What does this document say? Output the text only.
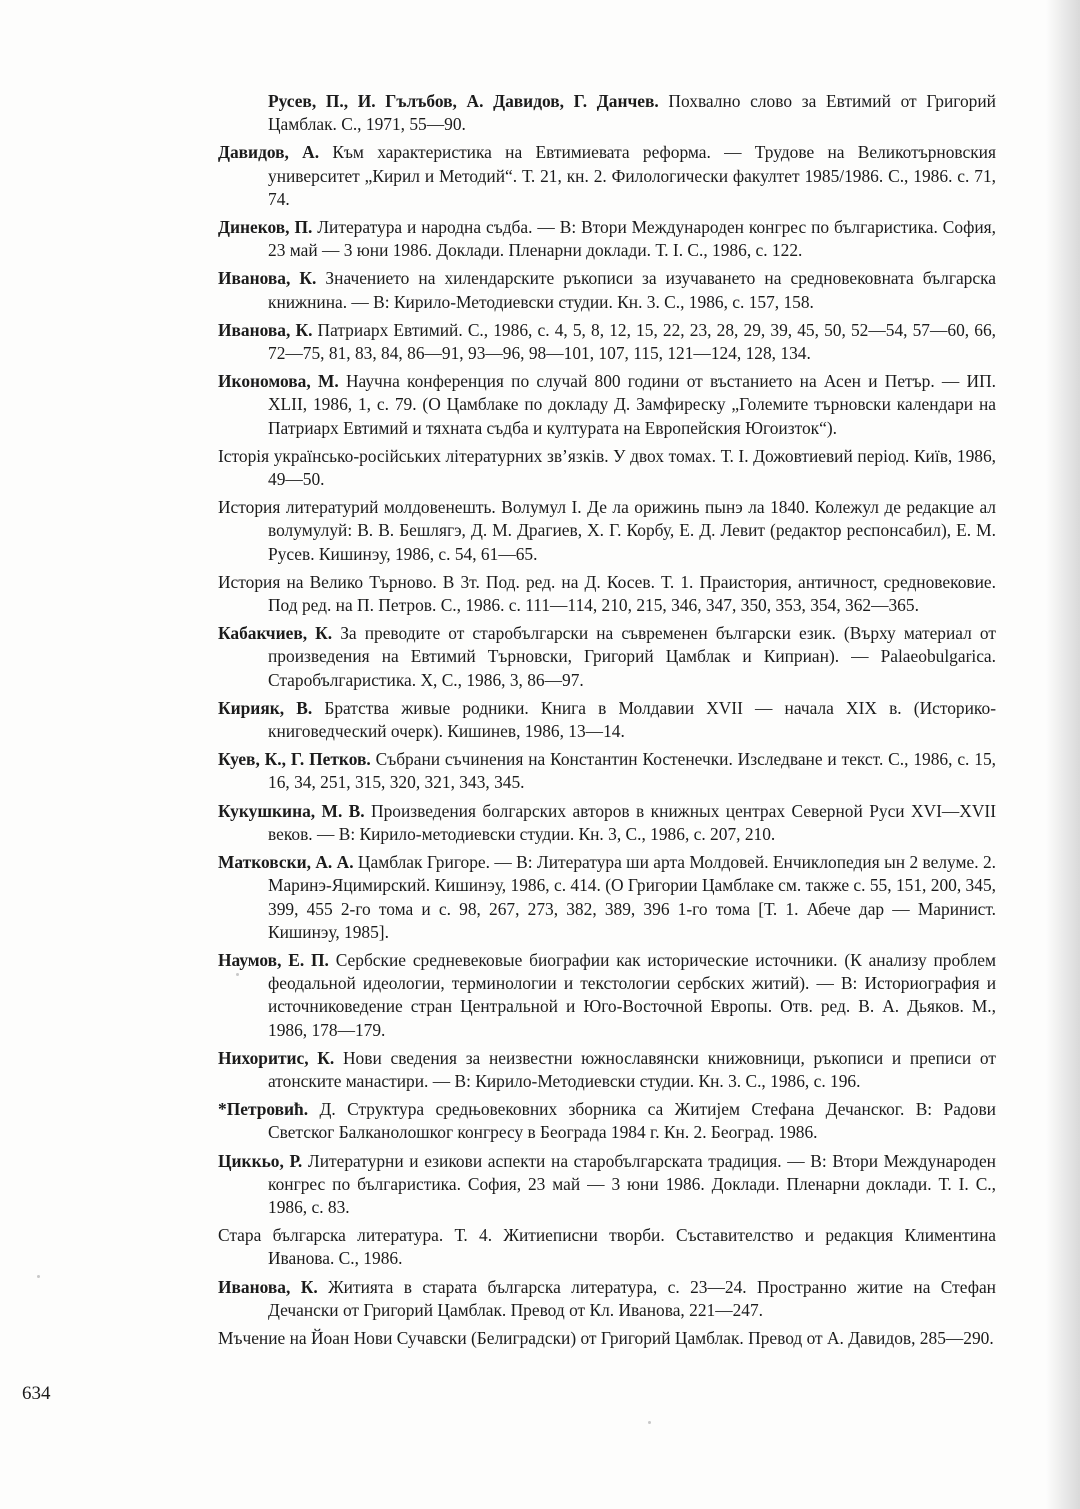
Русев, П., И. Гълъбов, А. Давидов, Г. Данчев. Похвално слово за Евтимий от Григорий Цамблак. С., 1971, 55—90.

Давидов, А. Към характеристика на Евтимиевата реформа. — Трудове на Великотърновския университет „Кирил и Методий“. Т. 21, кн. 2. Филологически факултет 1985/1986. С., 1986. с. 71, 74.

Динеков, П. Литература и народна съдба. — В: Втори Международен конгрес по българистика. София, 23 май — 3 юни 1986. Доклади. Пленарни доклади. Т. І. С., 1986, с. 122.

Иванова, К. Значението на хилендарските ръкописи за изучаването на средновековната българска книжнина. — В: Кирило-Методиевски студии. Кн. 3. С., 1986, с. 157, 158.

Иванова, К. Патриарх Евтимий. С., 1986, с. 4, 5, 8, 12, 15, 22, 23, 28, 29, 39, 45, 50, 52—54, 57—60, 66, 72—75, 81, 83, 84, 86—91, 93—96, 98—101, 107, 115, 121—124, 128, 134.

Икономова, М. Научна конференция по случай 800 години от въстанието на Асен и Петър. — ИП. XLII, 1986, 1, с. 79. (О Цамблаке по докладу Д. Замфиреску „Големите търновски календари на Патриарх Евтимий и тяхната съдба и културата на Европейския Югоизток“).

Історія українсько-російських літературних зв’язків. У двох томах. Т. І. Дожовтиевий період. Київ, 1986, 49—50.

История литературий молдовенешть. Волумул І. Де ла орижинь пынэ ла 1840. Колежул де редакцие ал волумулуй: В. В. Бешлягэ, Д. М. Драгиев, Х. Г. Корбу, Е. Д. Левит (редактор респонсабил), Е. М. Русев. Кишинэу, 1986, с. 54, 61—65.

История на Велико Търново. В 3т. Под. ред. на Д. Косев. Т. 1. Праистория, античност, средновековие. Под ред. на П. Петров. С., 1986. с. 111—114, 210, 215, 346, 347, 350, 353, 354, 362—365.

Кабакчиев, К. За преводите от старобългарски на съвременен български език. (Върху материал от произведения на Евтимий Търновски, Григорий Цамблак и Киприан). — Palaeobulgarica. Старобългаристика. Х, С., 1986, 3, 86—97.

Кирияк, В. Братства живые родники. Книга в Молдавии XVII — начала XIX в. (Историко-книговедческий очерк). Кишинев, 1986, 13—14.

Куев, К., Г. Петков. Събрани съчинения на Константин Костенечки. Изследване и текст. С., 1986, с. 15, 16, 34, 251, 315, 320, 321, 343, 345.

Кукушкина, М. В. Произведения болгарских авторов в книжных центрах Северной Руси XVI—XVII веков. — В: Кирило-методиевски студии. Кн. 3, С., 1986, с. 207, 210.

Матковски, А. А. Цамблак Григоре. — В: Литература ши арта Молдовей. Енчиклопедия ын 2 велуме. 2. Маринэ-Яцимирский. Кишинэу, 1986, с. 414. (О Григории Цамблаке см. также с. 55, 151, 200, 345, 399, 455 2-го тома и с. 98, 267, 273, 382, 389, 396 1-го тома [Т. 1. Абече дар — Маринист. Кишинэу, 1985].

Наумов, Е. П. Сербские средневековые биографии как исторические источники. (К анализу проблем феодальной идеологии, терминологии и текстологии сербских житий). — В: Историография и источниковедение стран Центральной и Юго-Восточной Европы. Отв. ред. В. А. Дьяков. М., 1986, 178—179.

Нихоритис, К. Нови сведения за неизвестни южнославянски книжовници, ръкописи и преписи от атонските манастири. — В: Кирило-Методиевски студии. Кн. 3. С., 1986, с. 196.

*Петровић. Д. Структура средњовековних зборника са Житијем Стефана Дечанског. В: Радови Светског Балканолошког конгресу в Београда 1984 г. Кн. 2. Београд. 1986.

Циккьо, Р. Литературни и езикови аспекти на старобългарската традиция. — В: Втори Международен конгрес по българистика. София, 23 май — 3 юни 1986. Доклади. Пленарни доклади. Т. І. С., 1986, с. 83.

Стара българска литература. Т. 4. Житиеписни творби. Съставителство и редакция Климентина Иванова. С., 1986.

Иванова, К. Житията в старата българска литература, с. 23—24. Пространно житие на Стефан Дечански от Григорий Цамблак. Превод от Кл. Иванова, 221—247.

Мъчение на Йоан Нови Сучавски (Белиградски) от Григорий Цамблак. Превод от А. Давидов, 285—290.

634
